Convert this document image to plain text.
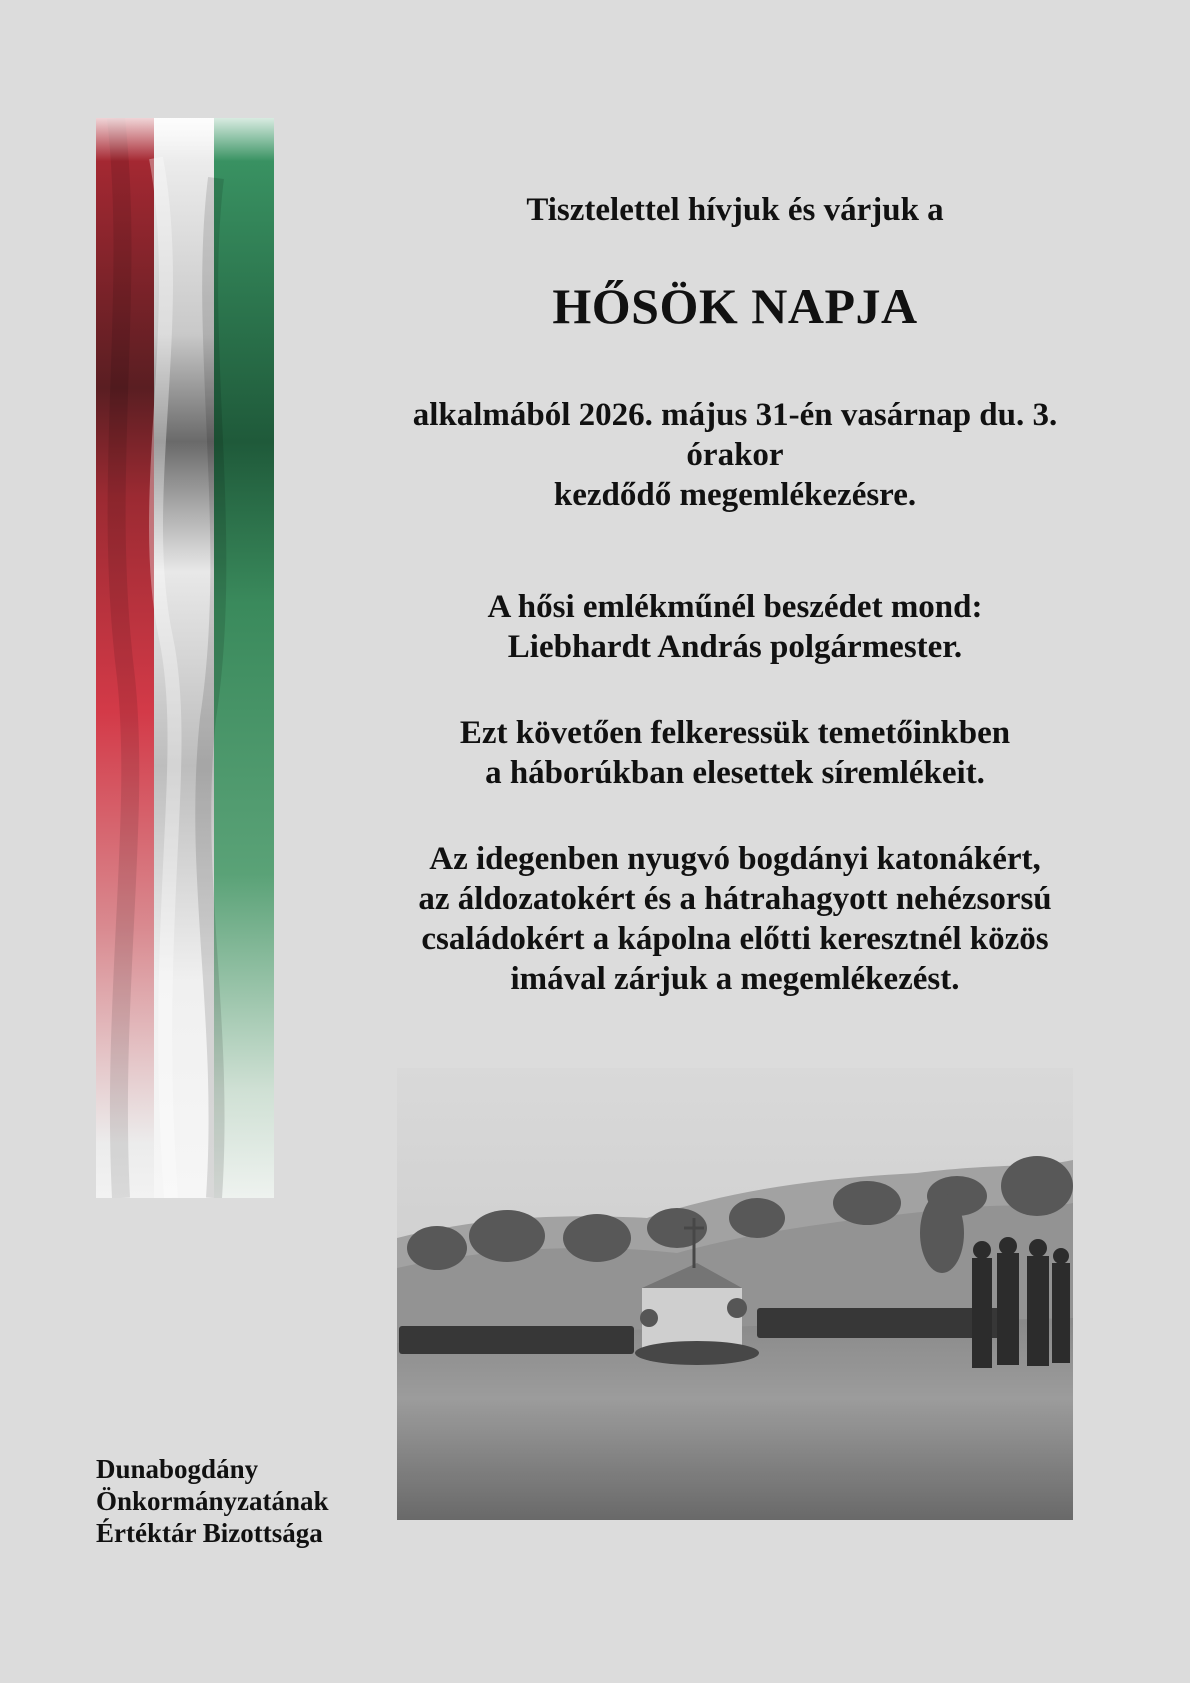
Tisztelettel hívjuk és várjuk a
HŐSÖK NAPJA
alkalmából 2026. május 31-én vasárnap du. 3.
órakor
kezdődő megemlékezésre.
A hősi emlékműnél beszédet mond:
Liebhardt András polgármester.
Ezt követően felkeressük temetőinkben
a háborúkban elesettek síremlékeit.
Az idegenben nyugvó bogdányi katonákért,
az áldozatokért és a hátrahagyott nehézsorsú
családokért a kápolna előtti keresztnél közös
imával zárjuk a megemlékezést.
Dunabogdány
Önkormányzatának
Értéktár Bizottsága
